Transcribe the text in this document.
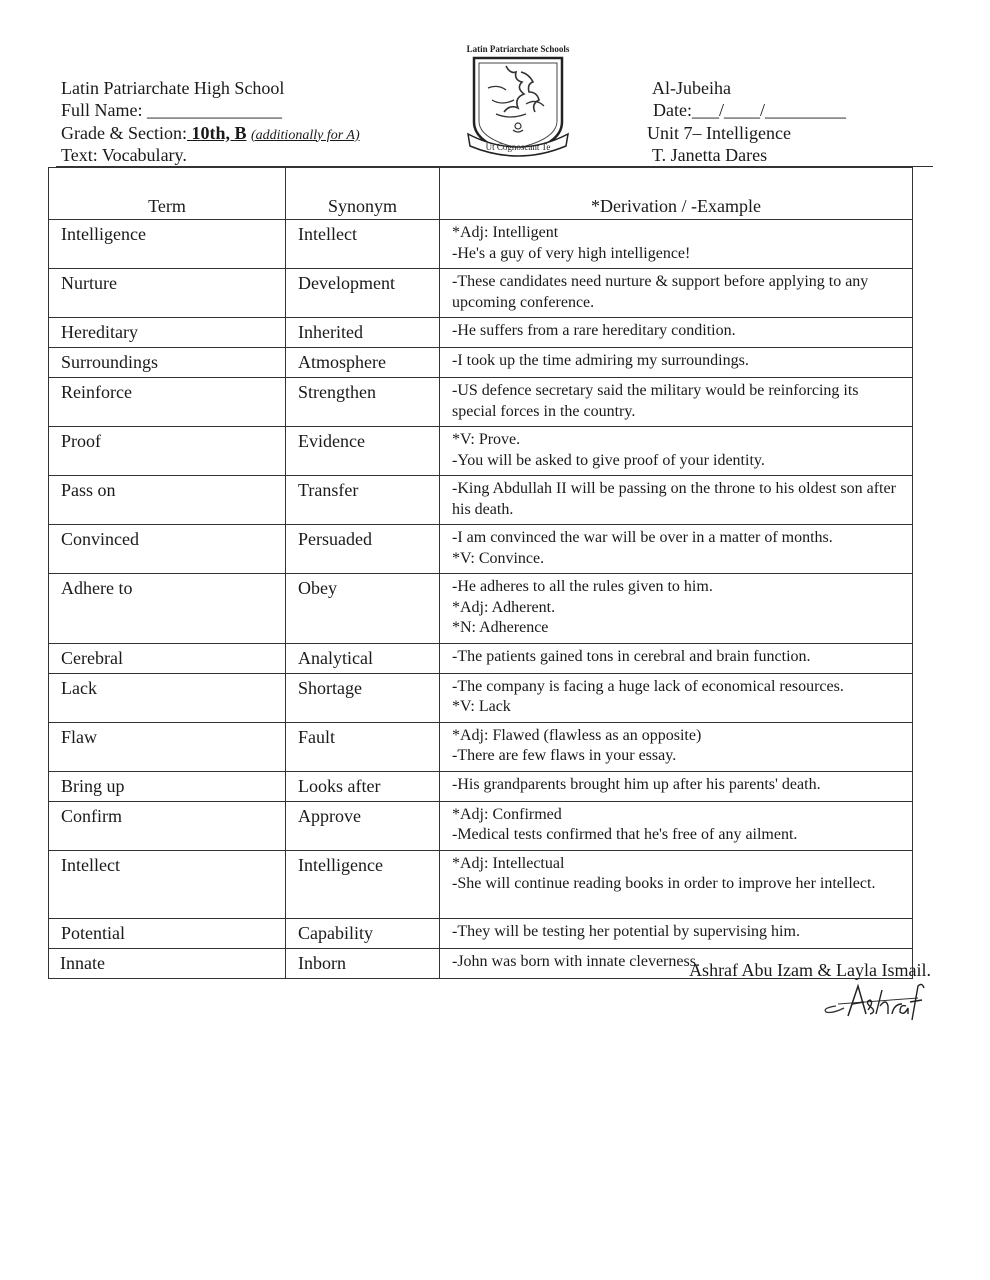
Latin Patriarchate High School
Full Name: _______________
Grade & Section: 10th, B (additionally for A)
Text: Vocabulary.
Al-Jubeiha
Date:___/____/_________
Unit 7– Intelligence
T. Janetta Dares
Latin Patriarchate Schools
Ut Cognoscant Te
Term	Synonym	*Derivation / -Example
Intelligence	Intellect	*Adj: Intelligent
-He's a guy of very high intelligence!

Nurture	Development	-These candidates need nurture & support before applying to any upcoming conference.

Hereditary	Inherited	-He suffers from a rare hereditary condition.

Surroundings	Atmosphere	-I took up the time admiring my surroundings.

Reinforce	Strengthen	-US defence secretary said the military would be reinforcing its special forces in the country.

Proof	Evidence	*V: Prove.
-You will be asked to give proof of your identity.

Pass on	Transfer	-King Abdullah II will be passing on the throne to his oldest son after his death.

Convinced	Persuaded	-I am convinced the war will be over in a matter of months.
*V: Convince.

Adhere to	Obey	-He adheres to all the rules given to him.
*Adj: Adherent.
*N: Adherence

Cerebral	Analytical	-The patients gained tons in cerebral and brain function.

Lack	Shortage	-The company is facing a huge lack of economical resources.
*V: Lack

Flaw	Fault	*Adj: Flawed (flawless as an opposite)
-There are few flaws in your essay.

Bring up	Looks after	-His grandparents brought him up after his parents' death.

Confirm	Approve	*Adj: Confirmed
-Medical tests confirmed that he's free of any ailment.

Intellect	Intelligence	*Adj: Intellectual
-She will continue reading books in order to improve her intellect.

Potential	Capability	-They will be testing her potential by supervising him.

Innate	Inborn	-John was born with innate cleverness.
Ashraf Abu Izam & Layla Ismail.
